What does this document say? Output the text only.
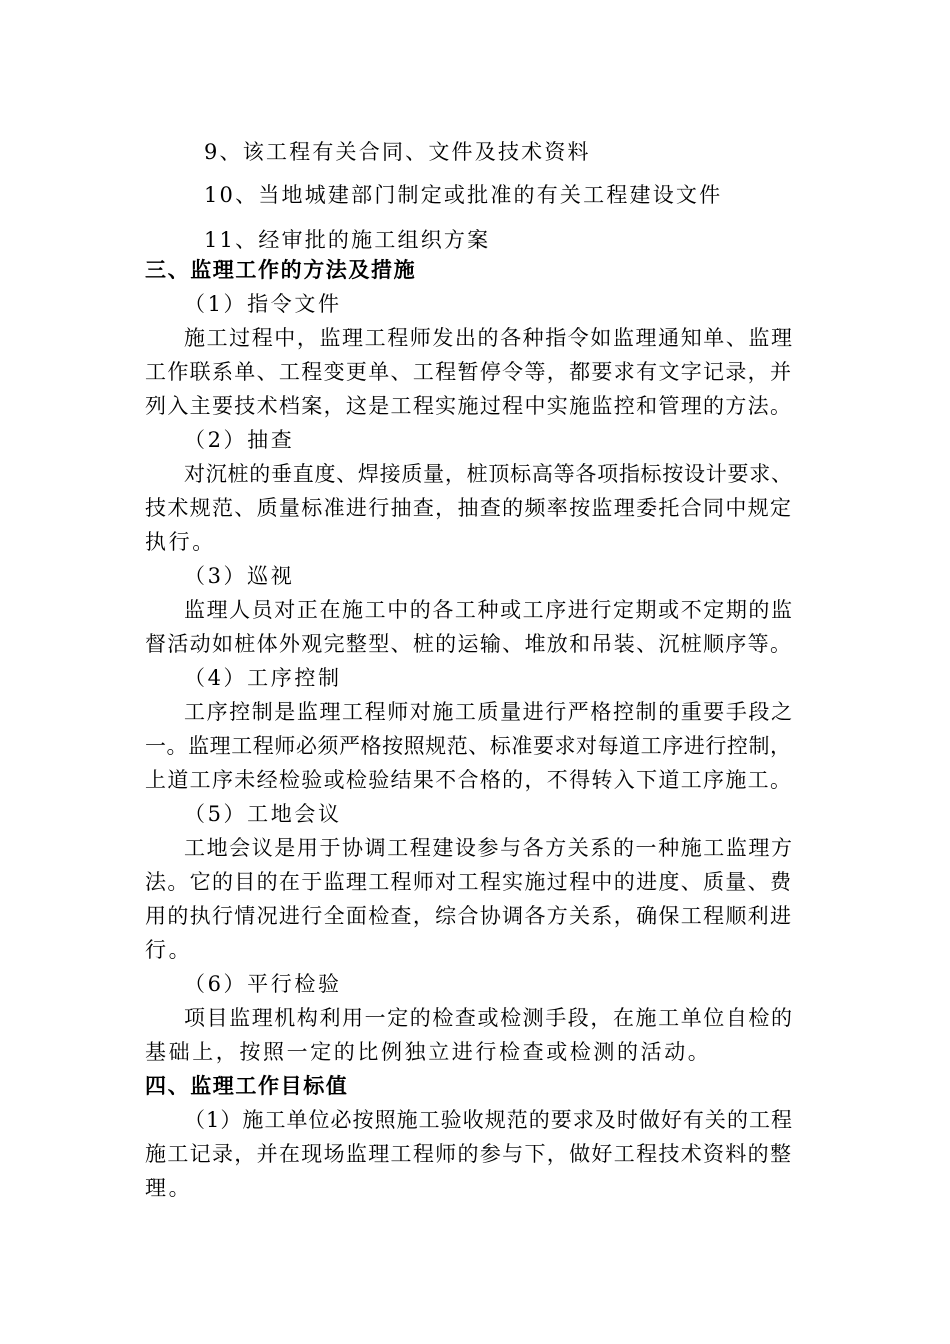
9、该工程有关合同、文件及技术资料
10、当地城建部门制定或批准的有关工程建设文件
11、经审批的施工组织方案
三、监理工作的方法及措施
（1）指令文件
施工过程中，监理工程师发出的各种指令如监理通知单、监理
工作联系单、工程变更单、工程暂停令等，都要求有文字记录，并
列入主要技术档案，这是工程实施过程中实施监控和管理的方法。
（2）抽查
对沉桩的垂直度、焊接质量，桩顶标高等各项指标按设计要求、
技术规范、质量标准进行抽查，抽查的频率按监理委托合同中规定
执行。
（3）巡视
监理人员对正在施工中的各工种或工序进行定期或不定期的监
督活动如桩体外观完整型、桩的运输、堆放和吊装、沉桩顺序等。
（4）工序控制
工序控制是监理工程师对施工质量进行严格控制的重要手段之
一。监理工程师必须严格按照规范、标准要求对每道工序进行控制，
上道工序未经检验或检验结果不合格的，不得转入下道工序施工。
（5）工地会议
工地会议是用于协调工程建设参与各方关系的一种施工监理方
法。它的目的在于监理工程师对工程实施过程中的进度、质量、费
用的执行情况进行全面检查，综合协调各方关系，确保工程顺利进
行。
（6）平行检验
项目监理机构利用一定的检查或检测手段，在施工单位自检的
基础上，按照一定的比例独立进行检查或检测的活动。
四、监理工作目标值
（1）施工单位必按照施工验收规范的要求及时做好有关的工程
施工记录，并在现场监理工程师的参与下，做好工程技术资料的整
理。
